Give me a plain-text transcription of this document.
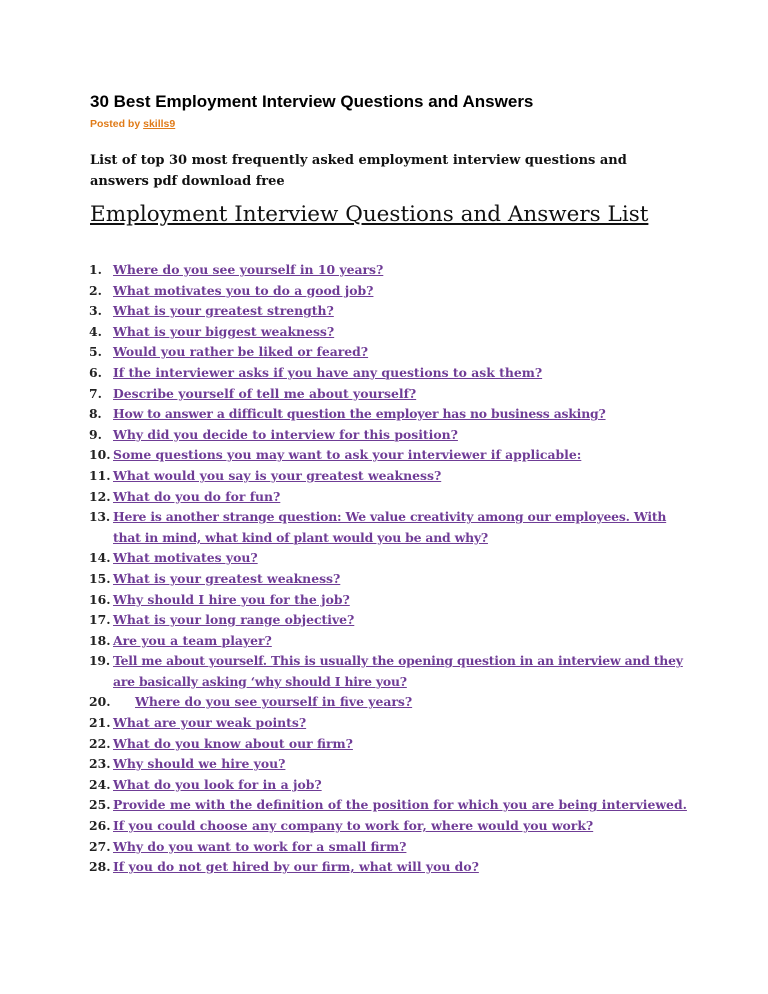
30 Best Employment Interview Questions and Answers
Posted by skills9
List of top 30 most frequently asked employment interview questions and answers pdf download free
Employment Interview Questions and Answers List
1. Where do you see yourself in 10 years?
2. What motivates you to do a good job?
3. What is your greatest strength?
4. What is your biggest weakness?
5. Would you rather be liked or feared?
6. If the interviewer asks if you have any questions to ask them?
7. Describe yourself of tell me about yourself?
8. How to answer a difficult question the employer has no business asking?
9. Why did you decide to interview for this position?
10. Some questions you may want to ask your interviewer if applicable:
11. What would you say is your greatest weakness?
12. What do you do for fun?
13. Here is another strange question: We value creativity among our employees. With that in mind, what kind of plant would you be and why?
14. What motivates you?
15. What is your greatest weakness?
16. Why should I hire you for the job?
17. What is your long range objective?
18. Are you a team player?
19. Tell me about yourself. This is usually the opening question in an interview and they are basically asking ‘why should I hire you?
20. Where do you see yourself in five years?
21. What are your weak points?
22. What do you know about our firm?
23. Why should we hire you?
24. What do you look for in a job?
25. Provide me with the definition of the position for which you are being interviewed.
26. If you could choose any company to work for, where would you work?
27. Why do you want to work for a small firm?
28. If you do not get hired by our firm, what will you do?
